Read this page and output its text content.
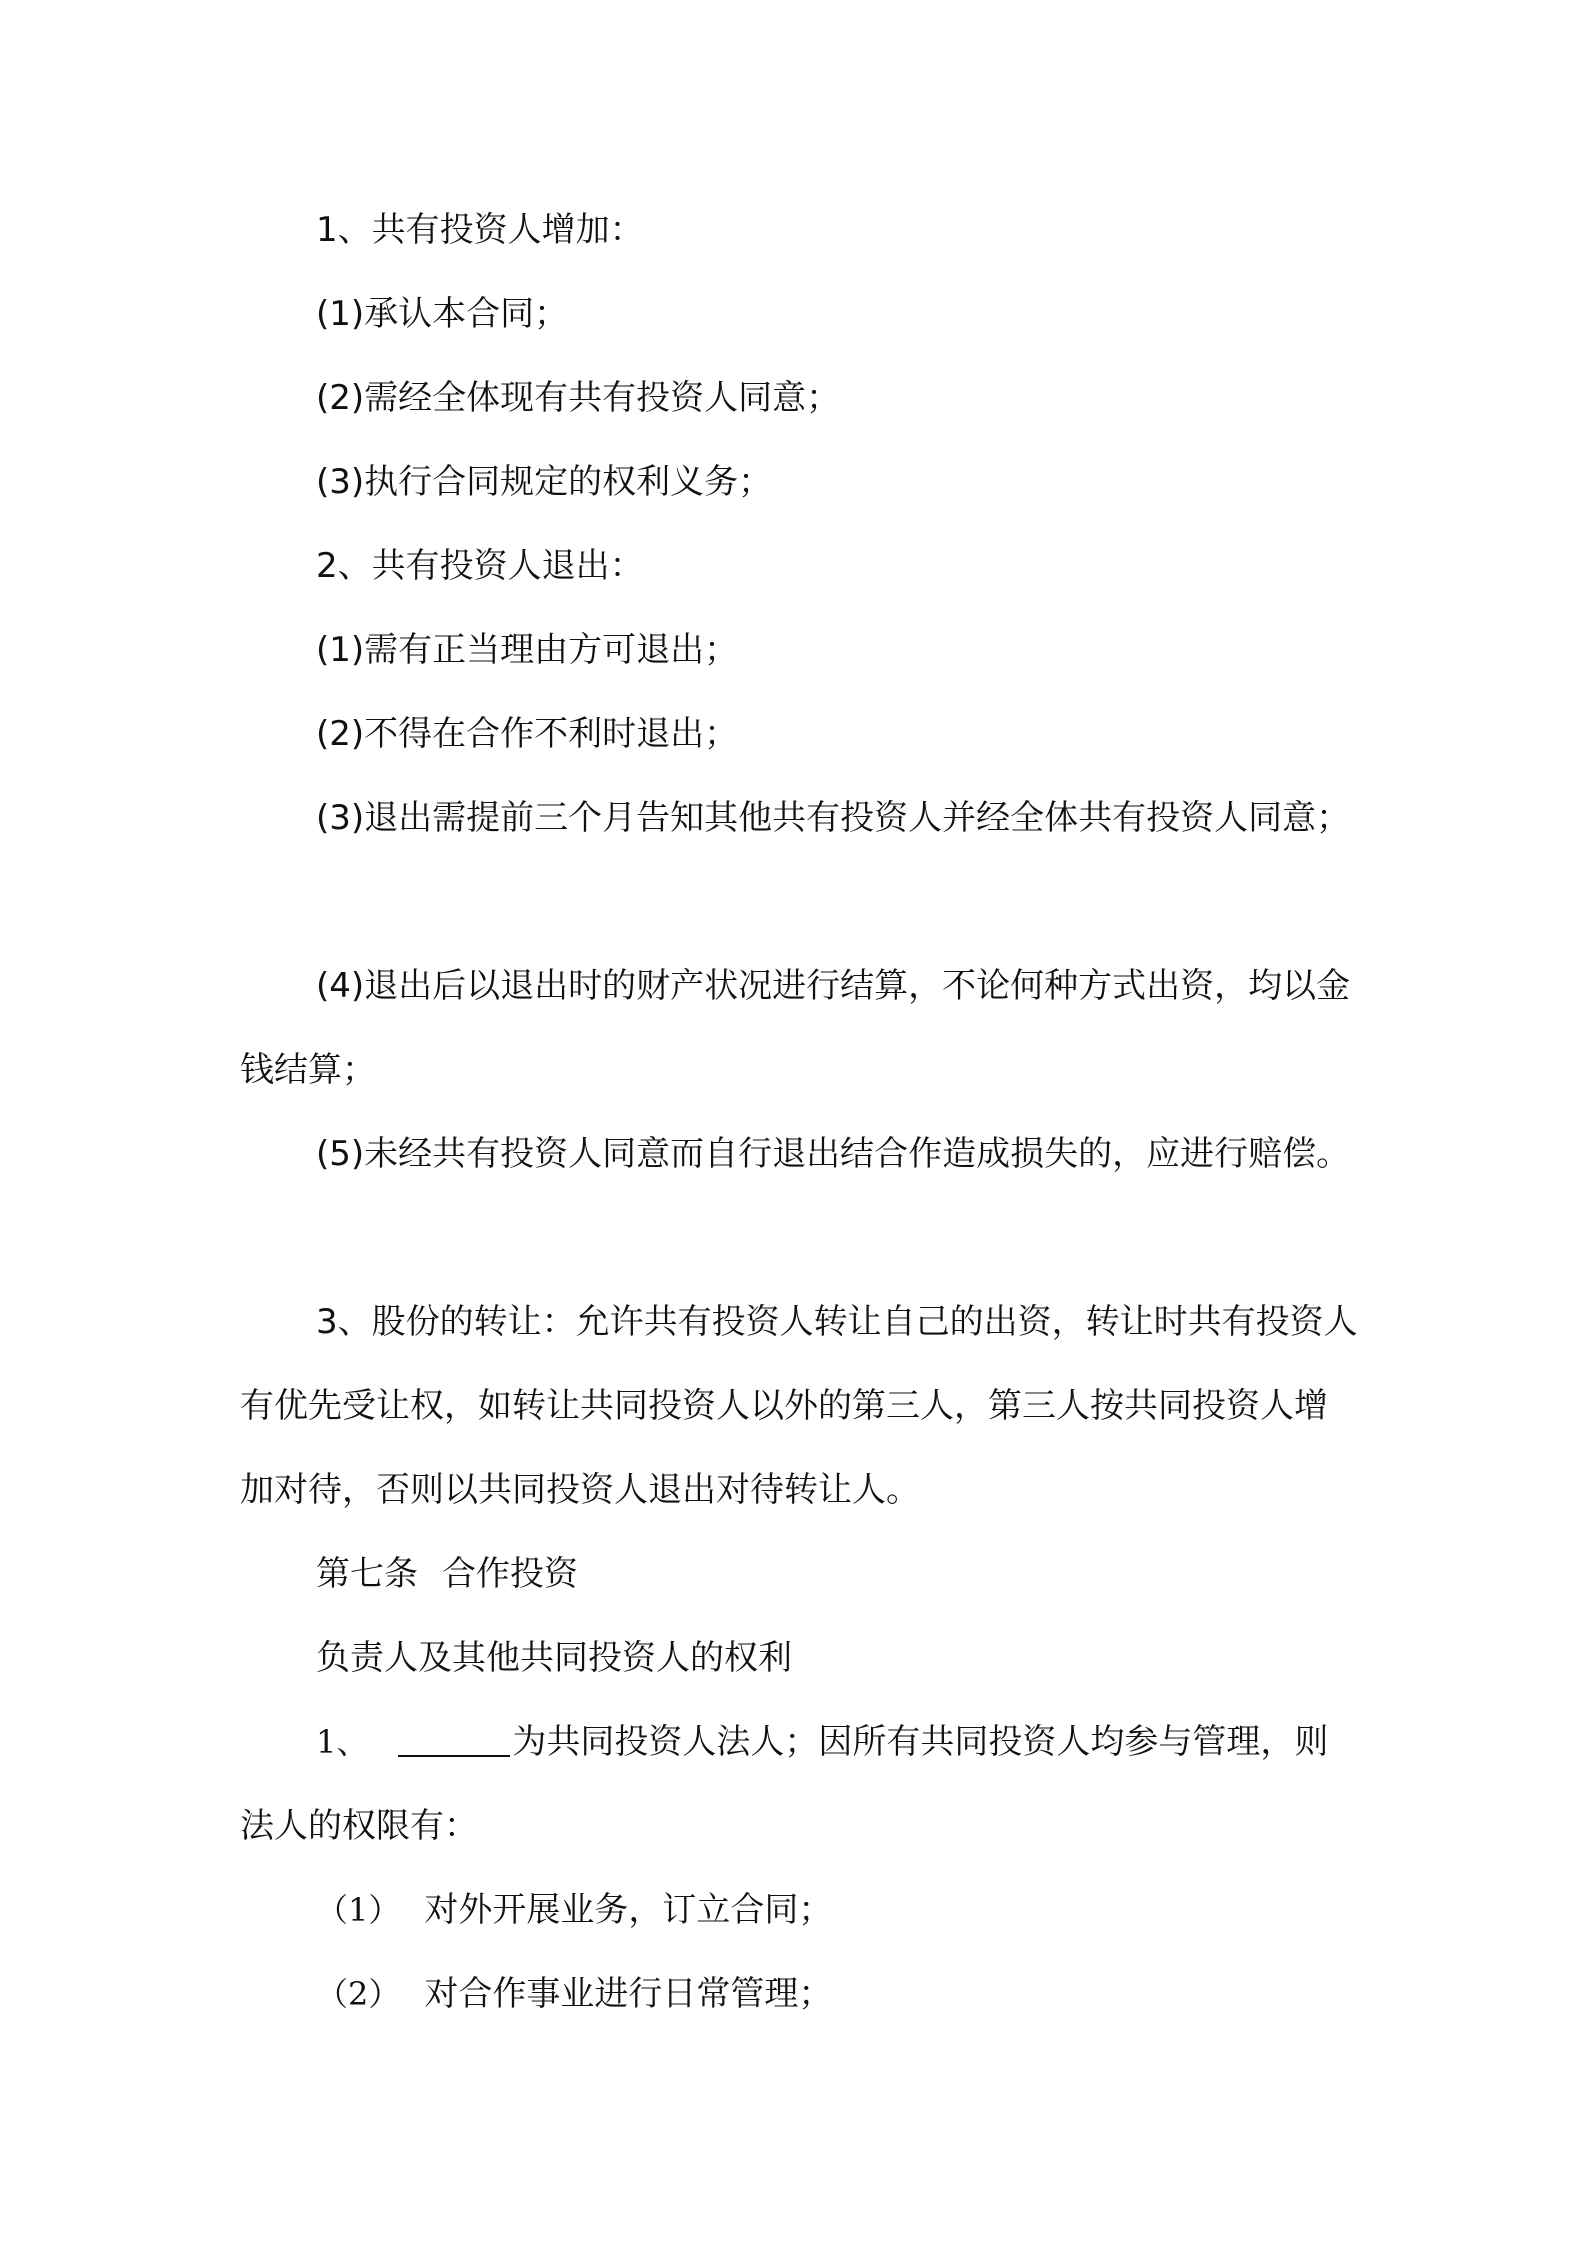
1、共有投资人增加：

(1)承认本合同；

(2)需经全体现有共有投资人同意；

(3)执行合同规定的权利义务；

2、共有投资人退出：

(1)需有正当理由方可退出；

(2)不得在合作不利时退出；

(3)退出需提前三个月告知其他共有投资人并经全体共有投资人同意；

(4)退出后以退出时的财产状况进行结算，不论何种方式出资，均以金钱结算；

(5)未经共有投资人同意而自行退出结合作造成损失的，应进行赔偿。

3、股份的转让：允许共有投资人转让自己的出资，转让时共有投资人有优先受让权，如转让共同投资人以外的第三人，第三人按共同投资人增加对待，否则以共同投资人退出对待转让人。

第七条 合作投资

负责人及其他共同投资人的权利

1、	为共同投资人法人；因所有共同投资人均参与管理，则法人的权限有：

（1） 对外开展业务，订立合同；

（2） 对合作事业进行日常管理；
